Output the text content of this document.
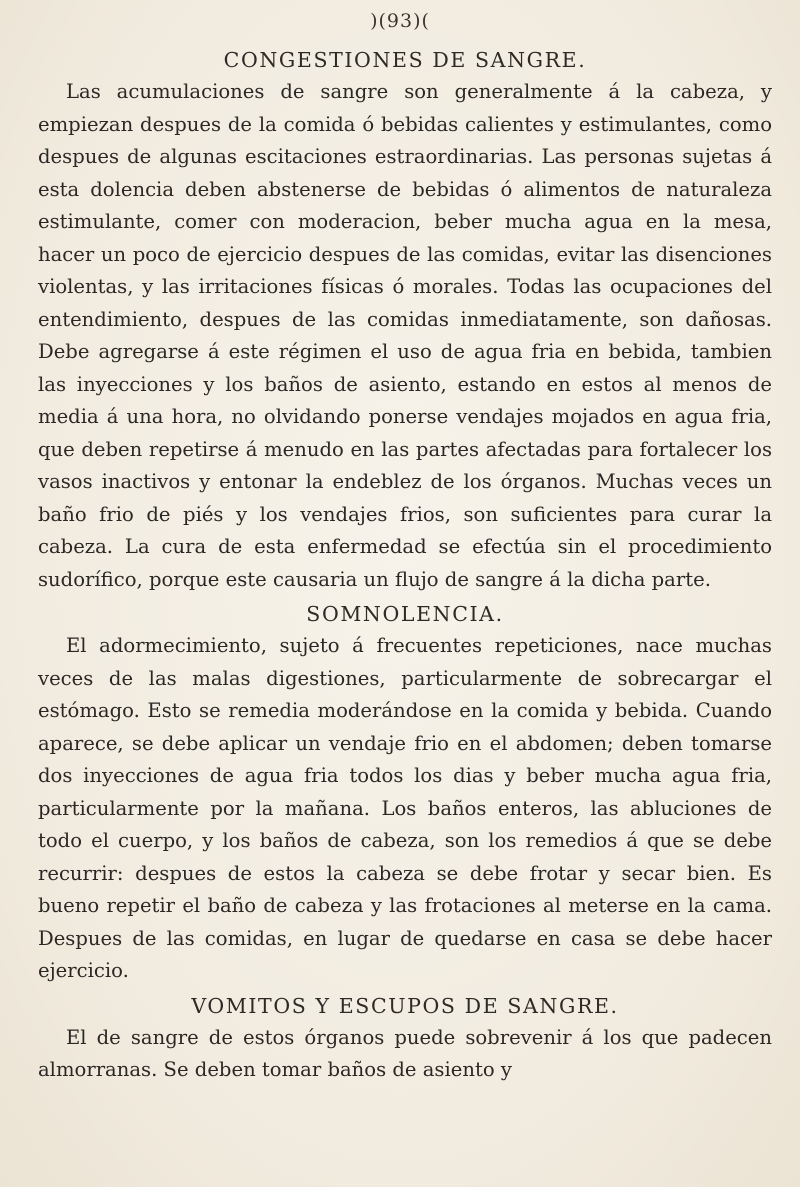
)(93)(
CONGESTIONES DE SANGRE.

Las acumulaciones de sangre son generalmente á la cabeza, y empiezan despues de la comida ó bebidas calientes y estimulantes, como despues de algunas escitaciones estraordinarias. Las personas sujetas á esta dolencia deben abstenerse de bebidas ó alimentos de naturaleza estimulante, comer con moderacion, beber mucha agua en la mesa, hacer un poco de ejercicio despues de las comidas, evitar las disenciones violentas, y las irritaciones físicas ó morales. Todas las ocupaciones del entendimiento, despues de las comidas inmediatamente, son dañosas. Debe agregarse á este régimen el uso de agua fria en bebida, tambien las inyecciones y los baños de asiento, estando en estos al menos de media á una hora, no olvidando ponerse vendajes mojados en agua fria, que deben repetirse á menudo en las partes afectadas para fortalecer los vasos inactivos y entonar la endeblez de los órganos. Muchas veces un baño frio de piés y los vendajes frios, son suficientes para curar la cabeza. La cura de esta enfermedad se efectúa sin el procedimiento sudorífico, porque este causaria un flujo de sangre á la dicha parte.

SOMNOLENCIA.

El adormecimiento, sujeto á frecuentes repeticiones, nace muchas veces de las malas digestiones, particularmente de sobrecargar el estómago. Esto se remedia moderándose en la comida y bebida. Cuando aparece, se debe aplicar un vendaje frio en el abdomen; deben tomarse dos inyecciones de agua fria todos los dias y beber mucha agua fria, particularmente por la mañana. Los baños enteros, las abluciones de todo el cuerpo, y los baños de cabeza, son los remedios á que se debe recurrir: despues de estos la cabeza se debe frotar y secar bien. Es bueno repetir el baño de cabeza y las frotaciones al meterse en la cama. Despues de las comidas, en lugar de quedarse en casa se debe hacer ejercicio.

VOMITOS Y ESCUPOS DE SANGRE.

El de sangre de estos órganos puede sobrevenir á los que padecen almorranas. Se deben tomar baños de asiento y
